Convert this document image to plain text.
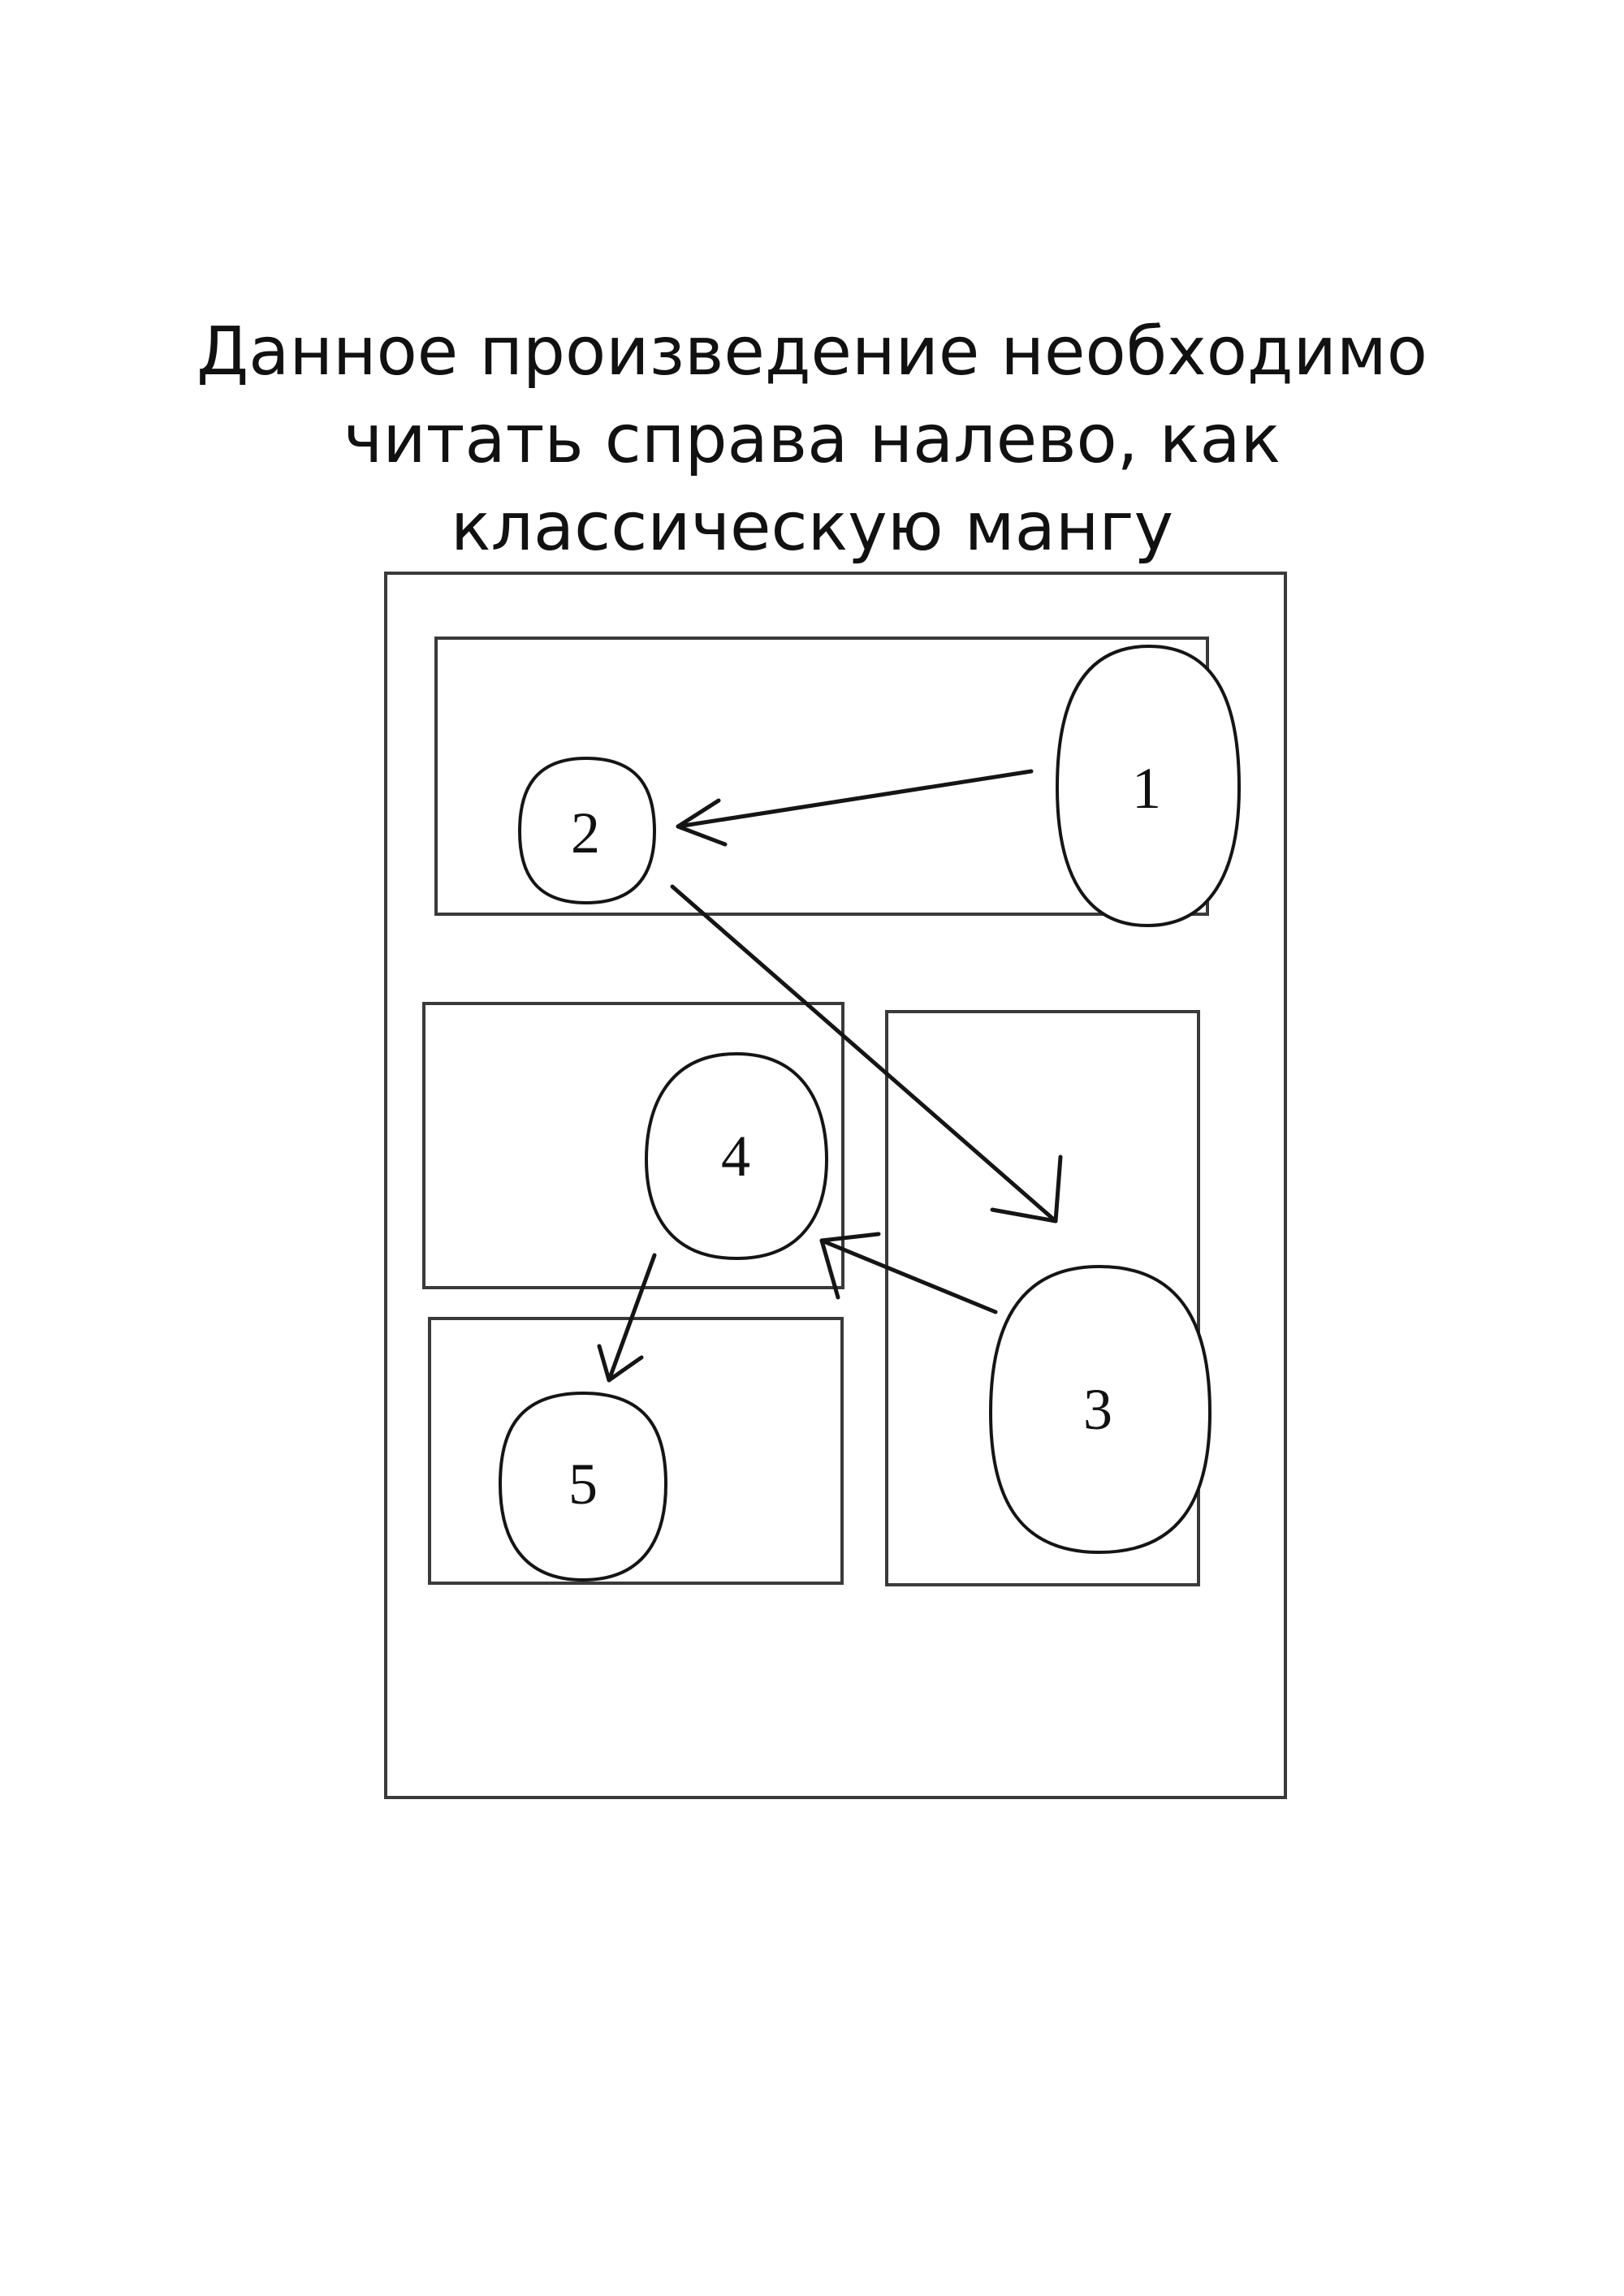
Данное произведение необходимо
читать справа налево, как
классическую мангу
1
2
3
4
5
